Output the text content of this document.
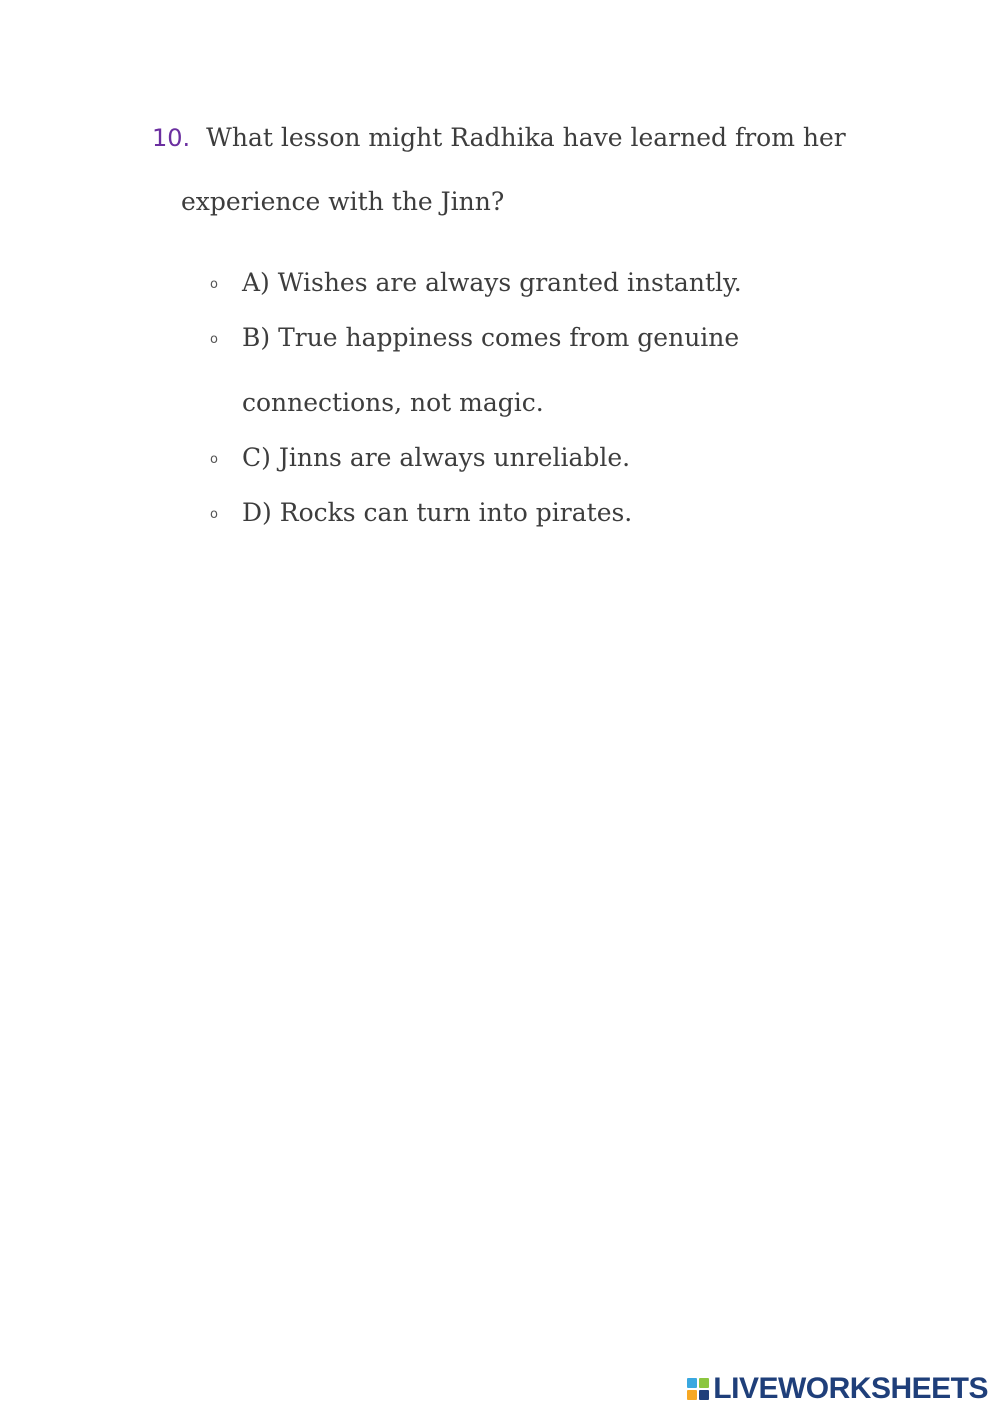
10. What lesson might Radhika have learned from her
experience with the Jinn?
o A) Wishes are always granted instantly.
o B) True happiness comes from genuine
connections, not magic.
o C) Jinns are always unreliable.
o D) Rocks can turn into pirates.
LIVEWORKSHEETS
